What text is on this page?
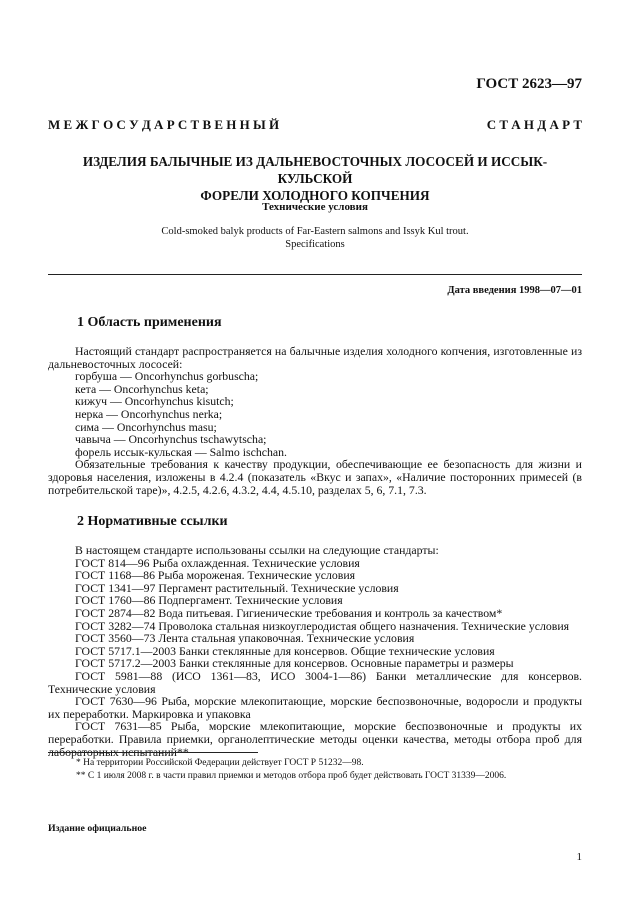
ГОСТ 2623—97
М Е Ж Г О С У Д А Р С Т В Е Н Н Ы Й	С Т А Н Д А Р Т
ИЗДЕЛИЯ БАЛЫЧНЫЕ ИЗ ДАЛЬНЕВОСТОЧНЫХ ЛОСОСЕЙ И ИССЫК-КУЛЬСКОЙ
ФОРЕЛИ ХОЛОДНОГО КОПЧЕНИЯ
Технические условия
Cold-smoked balyk products of Far-Eastern salmons and Issyk Kul trout.
Specifications
Дата введения 1998—07—01
1 Область применения

Настоящий стандарт распространяется на балычные изделия холодного копчения, изготовленные из дальневосточных лососей:

горбуша — Oncorhynchus gorbuscha;

кета — Oncorhynchus keta;

кижуч — Oncorhynchus kisutch;

нерка — Oncorhynchus nerka;

сима — Oncorhynchus masu;

чавыча — Oncorhynchus tschawytscha;

форель иссык-кульская — Salmo ischchan.

Обязательные требования к качеству продукции, обеспечивающие ее безопасность для жизни и здоровья населения, изложены в 4.2.4 (показатель «Вкус и запах», «Наличие посторонних примесей (в потребительской таре)», 4.2.5, 4.2.6, 4.3.2, 4.4, 4.5.10, разделах 5, 6, 7.1, 7.3.

2 Нормативные ссылки

В настоящем стандарте использованы ссылки на следующие стандарты:

ГОСТ 814—96 Рыба охлажденная. Технические условия

ГОСТ 1168—86 Рыба мороженая. Технические условия

ГОСТ 1341—97 Пергамент растительный. Технические условия

ГОСТ 1760—86 Подпергамент. Технические условия

ГОСТ 2874—82 Вода питьевая. Гигиенические требования и контроль за качеством*

ГОСТ 3282—74 Проволока стальная низкоуглеродистая общего назначения. Технические условия

ГОСТ 3560—73 Лента стальная упаковочная. Технические условия

ГОСТ 5717.1—2003 Банки стеклянные для консервов. Общие технические условия

ГОСТ 5717.2—2003 Банки стеклянные для консервов. Основные параметры и размеры

ГОСТ 5981—88 (ИСО 1361—83, ИСО 3004-1—86) Банки металлические для консервов. Технические условия

ГОСТ 7630—96 Рыба, морские млекопитающие, морские беспозвоночные, водоросли и продукты их переработки. Маркировка и упаковка

ГОСТ 7631—85 Рыба, морские млекопитающие, морские беспозвоночные и продукты их переработки. Правила приемки, органолептические методы оценки качества, методы отбора проб для лабораторных испытаний**

* На территории Российской Федерации действует ГОСТ Р 51232—98.
** С 1 июля 2008 г. в части правил приемки и методов отбора проб будет действовать ГОСТ 31339—2006.
Издание официальное
1
